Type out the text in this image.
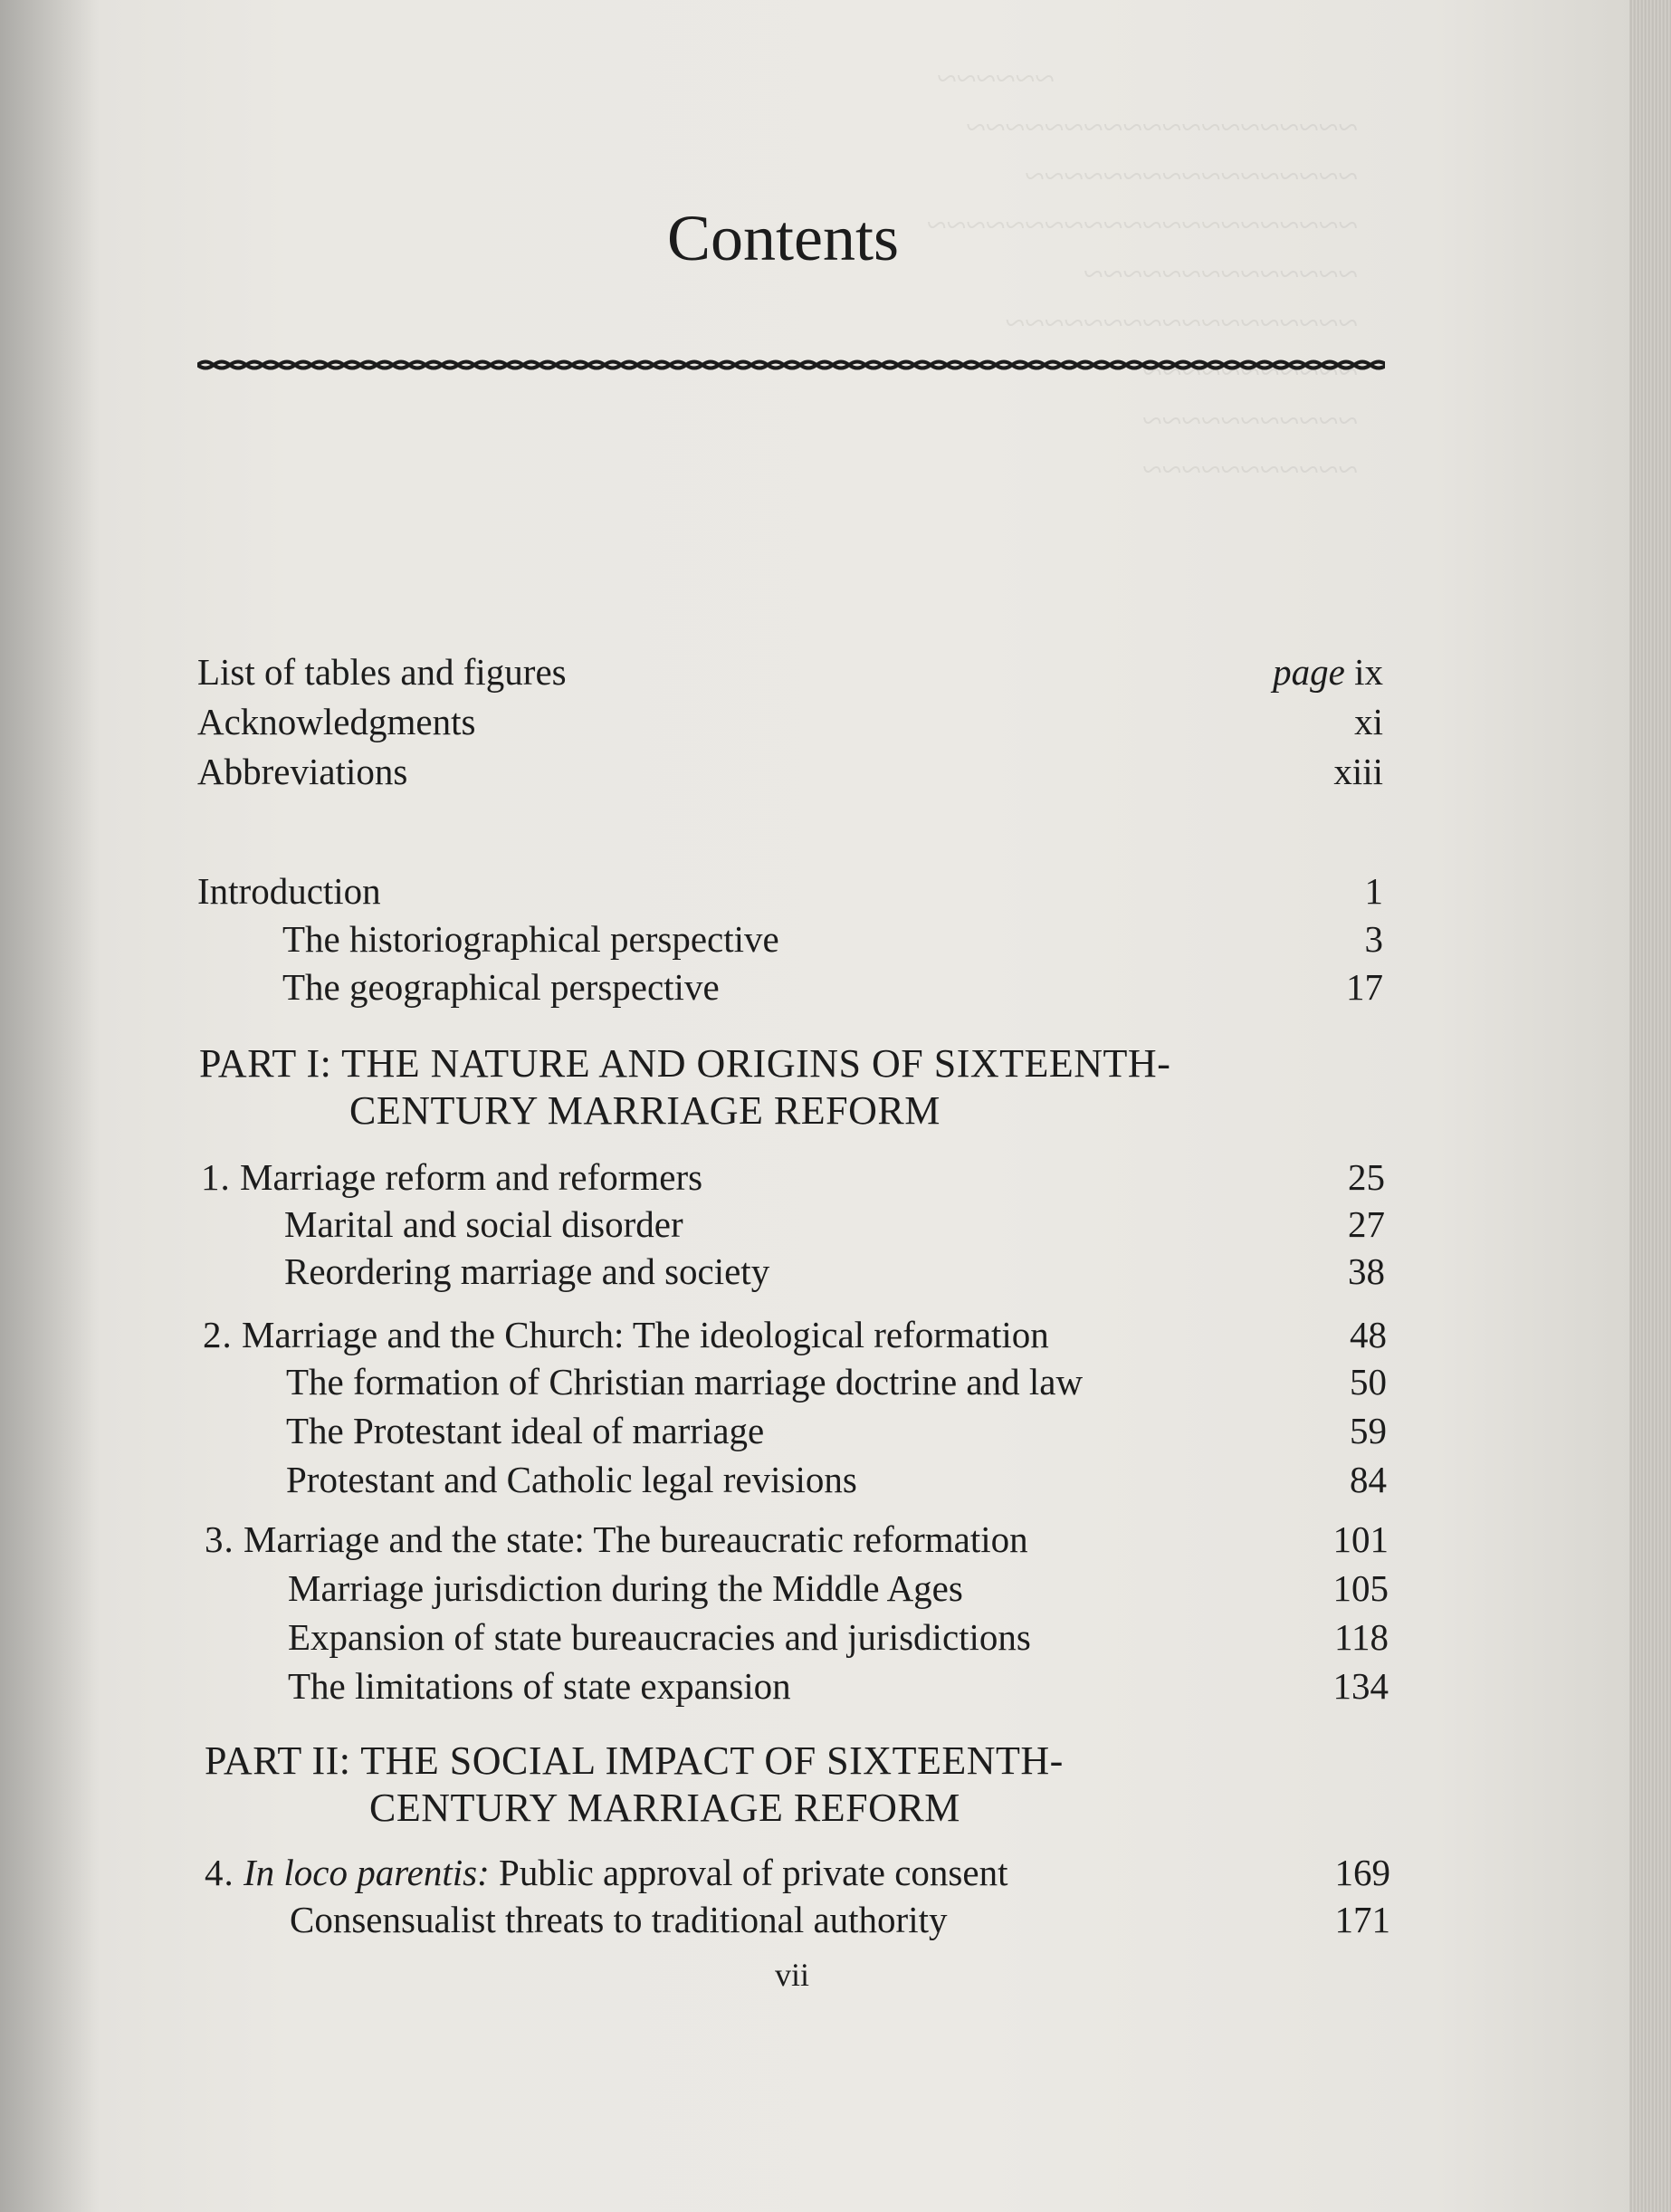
~~~~~~
~~~~~~~~~~~~~~~~~~~~
~~~~~~~~~~~~~~~~~
~~~~~~~~~~~~~~~~~~~~~~
~~~~~~~~~~~~~~
~~~~~~~~~~~~~~~~~~
~~~~~~~~~~~
~~~~~~~~~~~
~~~~~~~~~~~
Contents
List of tables and figures	page ix
Acknowledgments	xi
Abbreviations	xiii
Introduction	1
The historiographical perspective	3
The geographical perspective	17
PART I: THE NATURE AND ORIGINS OF SIXTEENTH-
CENTURY MARRIAGE REFORM
1. Marriage reform and reformers	25
Marital and social disorder	27
Reordering marriage and society	38
2. Marriage and the Church: The ideological reformation	48
The formation of Christian marriage doctrine and law	50
The Protestant ideal of marriage	59
Protestant and Catholic legal revisions	84
3. Marriage and the state: The bureaucratic reformation	101
Marriage jurisdiction during the Middle Ages	105
Expansion of state bureaucracies and jurisdictions	118
The limitations of state expansion	134
PART II: THE SOCIAL IMPACT OF SIXTEENTH-
CENTURY MARRIAGE REFORM
4. In loco parentis: Public approval of private consent	169
Consensualist threats to traditional authority	171
vii
